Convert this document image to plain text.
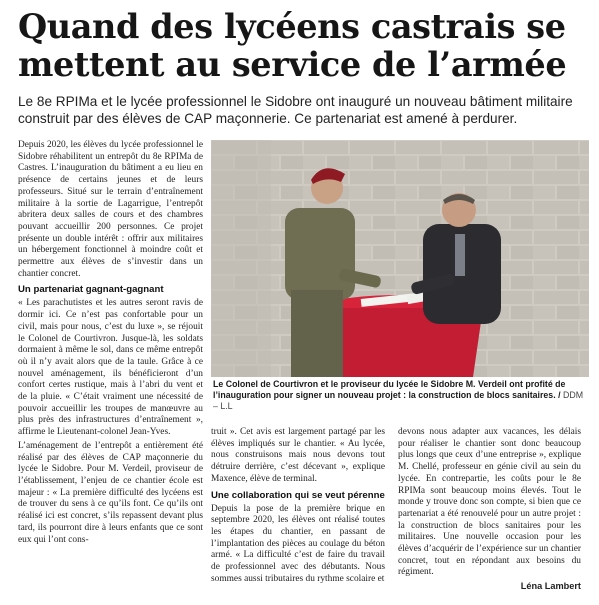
Quand des lycéens castrais se mettent au service de l’armée

Le 8e RPIMa et le lycée professionnel le Sidobre ont inauguré un nouveau bâtiment militaire construit par des élèves de CAP maçonnerie. Ce partenariat est amené à perdurer.

Depuis 2020, les élèves du lycée professionnel le Sidobre réhabilitent un entrepôt du 8e RPIMa de Castres. L’inauguration du bâtiment a eu lieu en présence de certains jeunes et de leurs professeurs. Situé sur le terrain d’entraînement militaire à la sortie de Lagarrigue, l’entrepôt abritera deux salles de cours et des chambres pouvant accueillir 200 personnes. Ce projet présente un double intérêt : offrir aux militaires un hébergement fonctionnel à moindre coût et permettre aux élèves de s’investir dans un chantier concret.

Un partenariat gagnant-gagnant

« Les parachutistes et les autres seront ravis de dormir ici. Ce n’est pas confortable pour un civil, mais pour nous, c’est du luxe », se réjouit le Colonel de Courtivron. Jusque-là, les soldats dormaient à même le sol, dans ce même entrepôt où il n’y avait alors que de la taule. Grâce à ce nouvel aménagement, ils bénéficieront d’un confort certes rustique, mais à l’abri du vent et de la pluie. « C’était vraiment une nécessité de pouvoir accueillir les troupes de manœuvre au plus près des infrastructures d’entraînement », affirme le Lieutenant-colonel Jean-Yves.

L’aménagement de l’entrepôt a entièrement été réalisé par des élèves de CAP maçonnerie du lycée le Sidobre. Pour M. Verdeil, proviseur de l’établissement, l’enjeu de ce chantier école est majeur : « La première difficulté des lycéens est de trouver du sens à ce qu’ils font. Ce qu’ils ont réalisé ici est concret, s’ils repassent devant plus tard, ils pourront dire à leurs enfants que ce sont eux qui l’ont cons-

Le Colonel de Courtivron et le proviseur du lycée le Sidobre M. Verdeil ont profité de l’inauguration pour signer un nouveau projet : la construction de blocs sanitaires. / DDM – L.L

truit ». Cet avis est largement partagé par les élèves impliqués sur le chantier. « Au lycée, nous construisons mais nous devons tout détruire derrière, c’est décevant », explique Maxence, élève de terminal.

Une collaboration qui se veut pérenne

Depuis la pose de la première brique en septembre 2020, les élèves ont réalisé toutes les étapes du chantier, en passant de l’implantation des pièces au coulage du béton armé. « La difficulté c’est de faire du travail de professionnel avec des débutants. Nous sommes aussi tributaires du rythme scolaire et

devons nous adapter aux vacances, les délais pour réaliser le chantier sont donc beaucoup plus longs que ceux d’une entreprise », explique M. Chellé, professeur en génie civil au sein du lycée. En contrepartie, les coûts pour le 8e RPIMa sont beaucoup moins élevés. Tout le monde y trouve donc son compte, si bien que ce partenariat a été renouvelé pour un autre projet : la construction de blocs sanitaires pour les militaires. Une nouvelle occasion pour les élèves d’acquérir de l’expérience sur un chantier concret, tout en répondant aux besoins du régiment.

Léna Lambert
